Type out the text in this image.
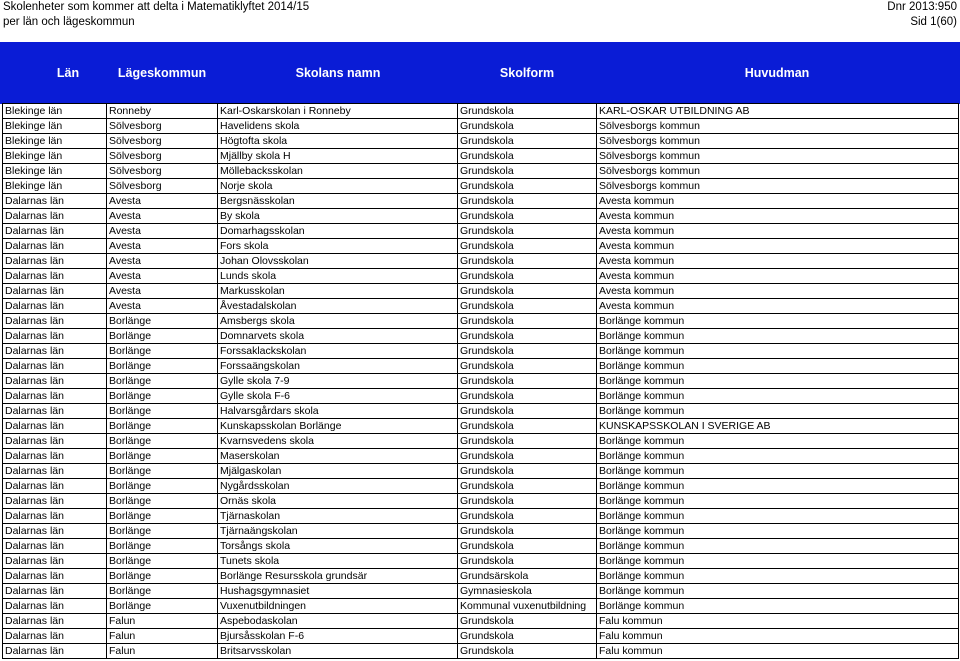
Skolenheter som kommer att delta i Matematiklyftet 2014/15
per län och lägeskommun
Dnr 2013:950
Sid 1(60)
Län	Lägeskommun	Skolans namn	Skolform	Huvudman
Blekinge län	Ronneby	Karl-Oskarskolan i Ronneby	Grundskola	KARL-OSKAR UTBILDNING AB
Blekinge län	Sölvesborg	Havelidens skola	Grundskola	Sölvesborgs kommun
Blekinge län	Sölvesborg	Högtofta skola	Grundskola	Sölvesborgs kommun
Blekinge län	Sölvesborg	Mjällby skola H	Grundskola	Sölvesborgs kommun
Blekinge län	Sölvesborg	Möllebacksskolan	Grundskola	Sölvesborgs kommun
Blekinge län	Sölvesborg	Norje skola	Grundskola	Sölvesborgs kommun
Dalarnas län	Avesta	Bergsnässkolan	Grundskola	Avesta kommun
Dalarnas län	Avesta	By skola	Grundskola	Avesta kommun
Dalarnas län	Avesta	Domarhagsskolan	Grundskola	Avesta kommun
Dalarnas län	Avesta	Fors skola	Grundskola	Avesta kommun
Dalarnas län	Avesta	Johan Olovsskolan	Grundskola	Avesta kommun
Dalarnas län	Avesta	Lunds skola	Grundskola	Avesta kommun
Dalarnas län	Avesta	Markusskolan	Grundskola	Avesta kommun
Dalarnas län	Avesta	Åvestadalskolan	Grundskola	Avesta kommun
Dalarnas län	Borlänge	Amsbergs skola	Grundskola	Borlänge kommun
Dalarnas län	Borlänge	Domnarvets skola	Grundskola	Borlänge kommun
Dalarnas län	Borlänge	Forssaklackskolan	Grundskola	Borlänge kommun
Dalarnas län	Borlänge	Forssaängskolan	Grundskola	Borlänge kommun
Dalarnas län	Borlänge	Gylle skola 7-9	Grundskola	Borlänge kommun
Dalarnas län	Borlänge	Gylle skola F-6	Grundskola	Borlänge kommun
Dalarnas län	Borlänge	Halvarsgårdars skola	Grundskola	Borlänge kommun
Dalarnas län	Borlänge	Kunskapsskolan Borlänge	Grundskola	KUNSKAPSSKOLAN I SVERIGE AB
Dalarnas län	Borlänge	Kvarnsvedens skola	Grundskola	Borlänge kommun
Dalarnas län	Borlänge	Maserskolan	Grundskola	Borlänge kommun
Dalarnas län	Borlänge	Mjälgaskolan	Grundskola	Borlänge kommun
Dalarnas län	Borlänge	Nygårdsskolan	Grundskola	Borlänge kommun
Dalarnas län	Borlänge	Ornäs skola	Grundskola	Borlänge kommun
Dalarnas län	Borlänge	Tjärnaskolan	Grundskola	Borlänge kommun
Dalarnas län	Borlänge	Tjärnaängskolan	Grundskola	Borlänge kommun
Dalarnas län	Borlänge	Torsångs skola	Grundskola	Borlänge kommun
Dalarnas län	Borlänge	Tunets skola	Grundskola	Borlänge kommun
Dalarnas län	Borlänge	Borlänge Resursskola grundsär	Grundsärskola	Borlänge kommun
Dalarnas län	Borlänge	Hushagsgymnasiet	Gymnasieskola	Borlänge kommun
Dalarnas län	Borlänge	Vuxenutbildningen	Kommunal vuxenutbildning	Borlänge kommun
Dalarnas län	Falun	Aspebodaskolan	Grundskola	Falu kommun
Dalarnas län	Falun	Bjursåsskolan F-6	Grundskola	Falu kommun
Dalarnas län	Falun	Britsarvsskolan	Grundskola	Falu kommun
